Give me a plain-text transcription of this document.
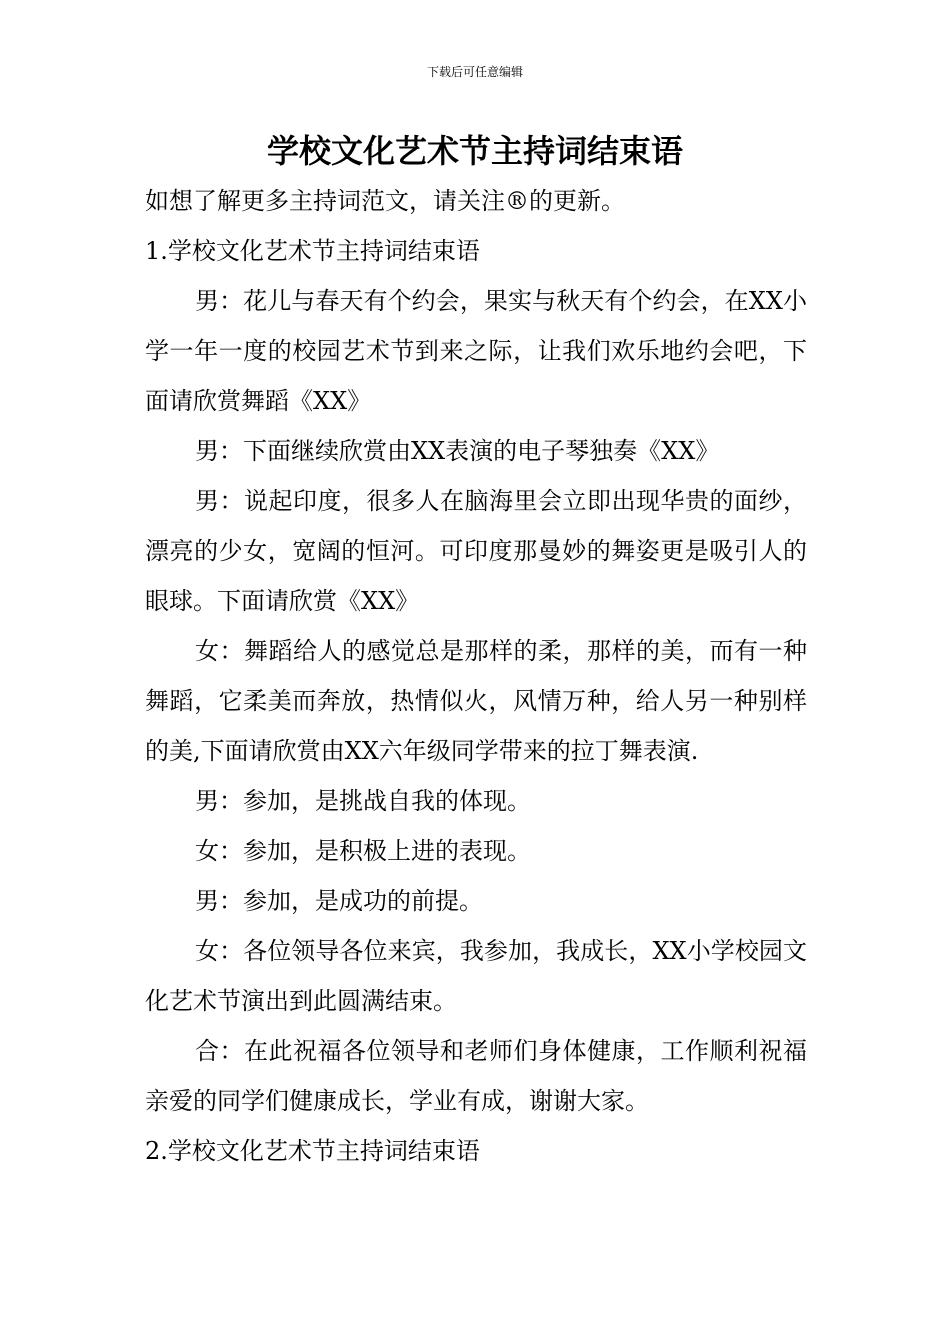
下载后可任意编辑
学校文化艺术节主持词结束语

如想了解更多主持词范文，请关注®的更新。

1.学校文化艺术节主持词结束语

男：花儿与春天有个约会，果实与秋天有个约会，在XX小学一年一度的校园艺术节到来之际，让我们欢乐地约会吧，下面请欣赏舞蹈《XX》

男：下面继续欣赏由XX表演的电子琴独奏《XX》

男：说起印度，很多人在脑海里会立即出现华贵的面纱，漂亮的少女，宽阔的恒河。可印度那曼妙的舞姿更是吸引人的眼球。下面请欣赏《XX》

女：舞蹈给人的感觉总是那样的柔，那样的美，而有一种舞蹈，它柔美而奔放，热情似火，风情万种，给人另一种别样的美,下面请欣赏由XX六年级同学带来的拉丁舞表演.

男：参加，是挑战自我的体现。

女：参加，是积极上进的表现。

男：参加，是成功的前提。

女：各位领导各位来宾，我参加，我成长，XX小学校园文化艺术节演出到此圆满结束。

合：在此祝福各位领导和老师们身体健康，工作顺利祝福亲爱的同学们健康成长，学业有成，谢谢大家。

2.学校文化艺术节主持词结束语
